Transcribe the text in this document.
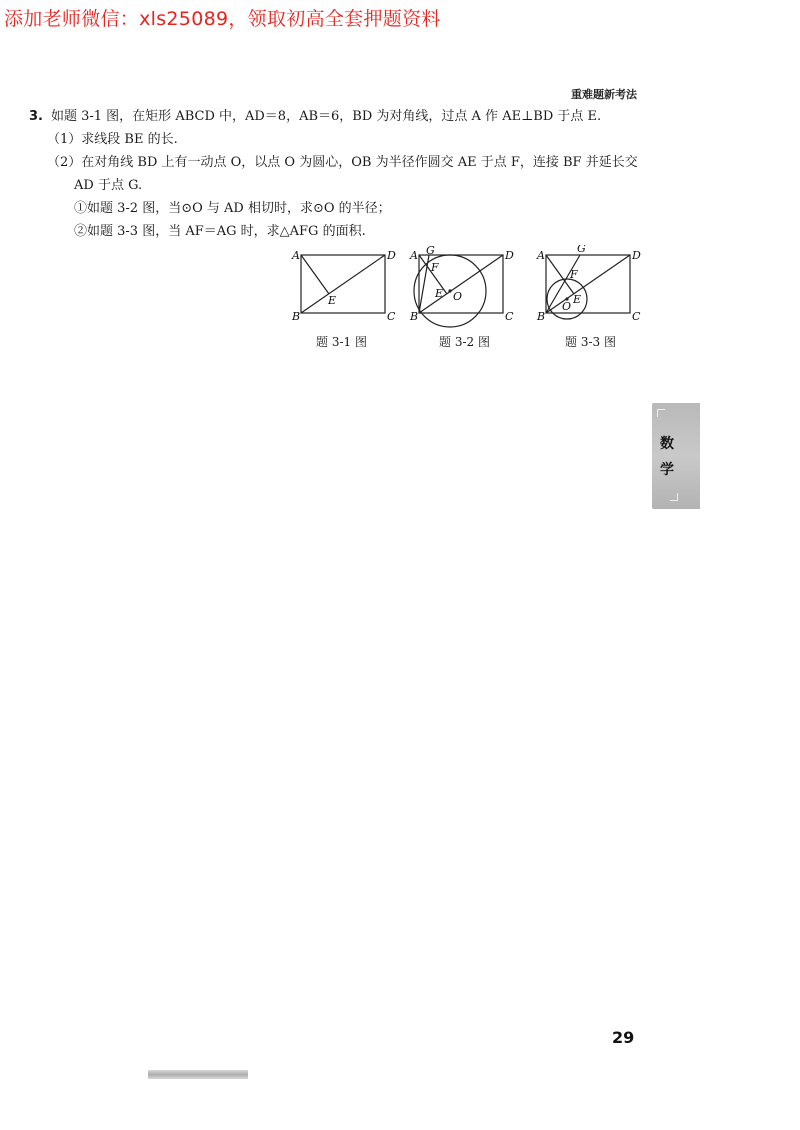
添加老师微信：xls25089，领取初高全套押题资料
重难题新考法
3. 如题 3-1 图，在矩形 ABCD 中，AD＝8，AB＝6，BD 为对角线，过点 A 作 AE⊥BD 于点 E.
（1）求线段 BE 的长.
（2）在对角线 BD 上有一动点 O，以点 O 为圆心，OB 为半径作圆交 AE 于点 F，连接 BF 并延长交
AD 于点 G.
①如题 3-2 图，当⊙O 与 AD 相切时，求⊙O 的半径；
②如题 3-3 图，当 AF＝AG 时，求△AFG 的面积.
A	D
B	C
E
A G
F
E O
D
B	C
A
G
F
E
O
D
B	C
题 3-1 图	题 3-2 图	题 3-3 图
数
学
29
